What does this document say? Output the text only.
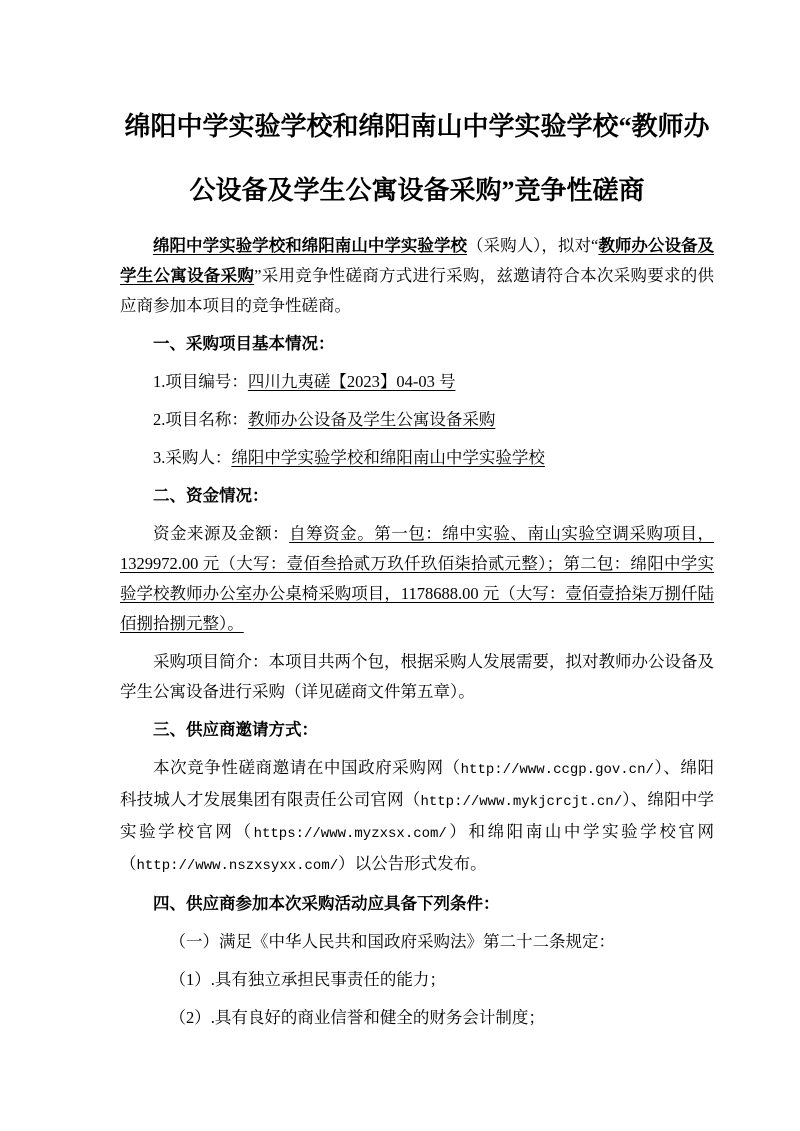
绵阳中学实验学校和绵阳南山中学实验学校“教师办
公设备及学生公寓设备采购”竞争性磋商

绵阳中学实验学校和绵阳南山中学实验学校（采购人），拟对“教师办公设备及学生公寓设备采购”采用竞争性磋商方式进行采购，兹邀请符合本次采购要求的供应商参加本项目的竞争性磋商。

一、采购项目基本情况：

1.项目编号：四川九夷磋【2023】04-03 号

2.项目名称：教师办公设备及学生公寓设备采购

3.采购人：绵阳中学实验学校和绵阳南山中学实验学校

二、资金情况：

资金来源及金额：自筹资金。第一包：绵中实验、南山实验空调采购项目，1329972.00 元（大写：壹佰叁拾贰万玖仟玖佰柒拾贰元整）；第二包：绵阳中学实验学校教师办公室办公桌椅采购项目，1178688.00 元（大写：壹佰壹拾柒万捌仟陆佰捌拾捌元整）。

采购项目简介：本项目共两个包，根据采购人发展需要，拟对教师办公设备及学生公寓设备进行采购（详见磋商文件第五章）。

三、供应商邀请方式：

本次竞争性磋商邀请在中国政府采购网（http://www.ccgp.gov.cn/）、绵阳科技城人才发展集团有限责任公司官网（http://www.mykjcrcjt.cn/）、绵阳中学实验学校官网（https://www.myzxsx.com/）和绵阳南山中学实验学校官网（http://www.nszxsyxx.com/）以公告形式发布。

四、供应商参加本次采购活动应具备下列条件：

（一）满足《中华人民共和国政府采购法》第二十二条规定：

（1）.具有独立承担民事责任的能力；

（2）.具有良好的商业信誉和健全的财务会计制度；
